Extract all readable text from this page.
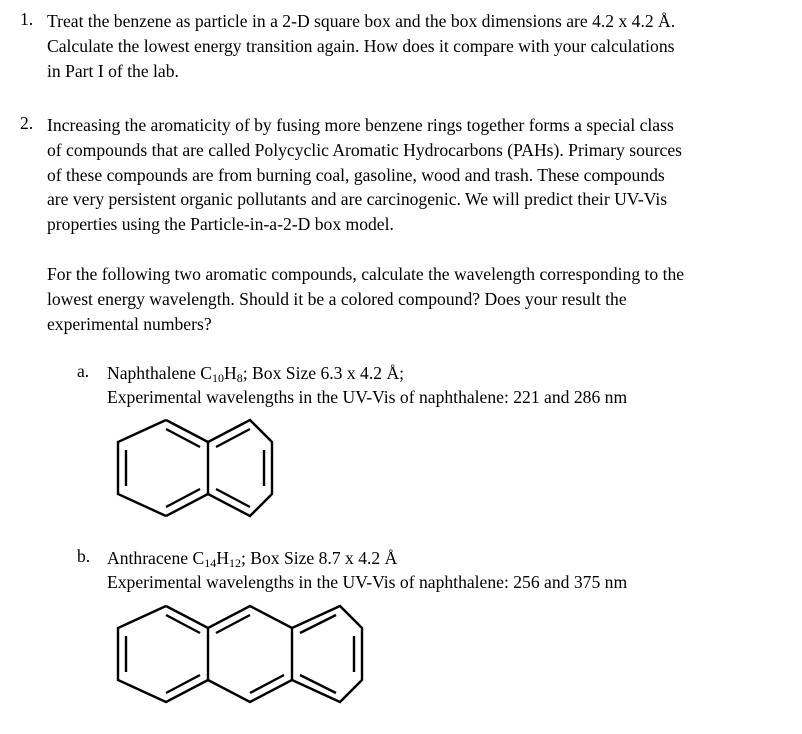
1. Treat the benzene as particle in a 2-D square box and the box dimensions are 4.2 x 4.2 Å.

Calculate the lowest energy transition again. How does it compare with your calculations

in Part I of the lab.

2. Increasing the aromaticity of by fusing more benzene rings together forms a special class

of compounds that are called Polycyclic Aromatic Hydrocarbons (PAHs). Primary sources

of these compounds are from burning coal, gasoline, wood and trash. These compounds

are very persistent organic pollutants and are carcinogenic. We will predict their UV-Vis

properties using the Particle-in-a-2-D box model.

For the following two aromatic compounds, calculate the wavelength corresponding to the

lowest energy wavelength. Should it be a colored compound? Does your result the

experimental numbers?

a. Naphthalene $C_{10}H_8$; Box Size 6.3 x 4.2 Å;

Experimental wavelengths in the UV-Vis of naphthalene: 221 and 286 nm

b. Anthracene $C_{14}H_{12}$; Box Size 8.7 x 4.2 Å

Experimental wavelengths in the UV-Vis of naphthalene: 256 and 375 nm
